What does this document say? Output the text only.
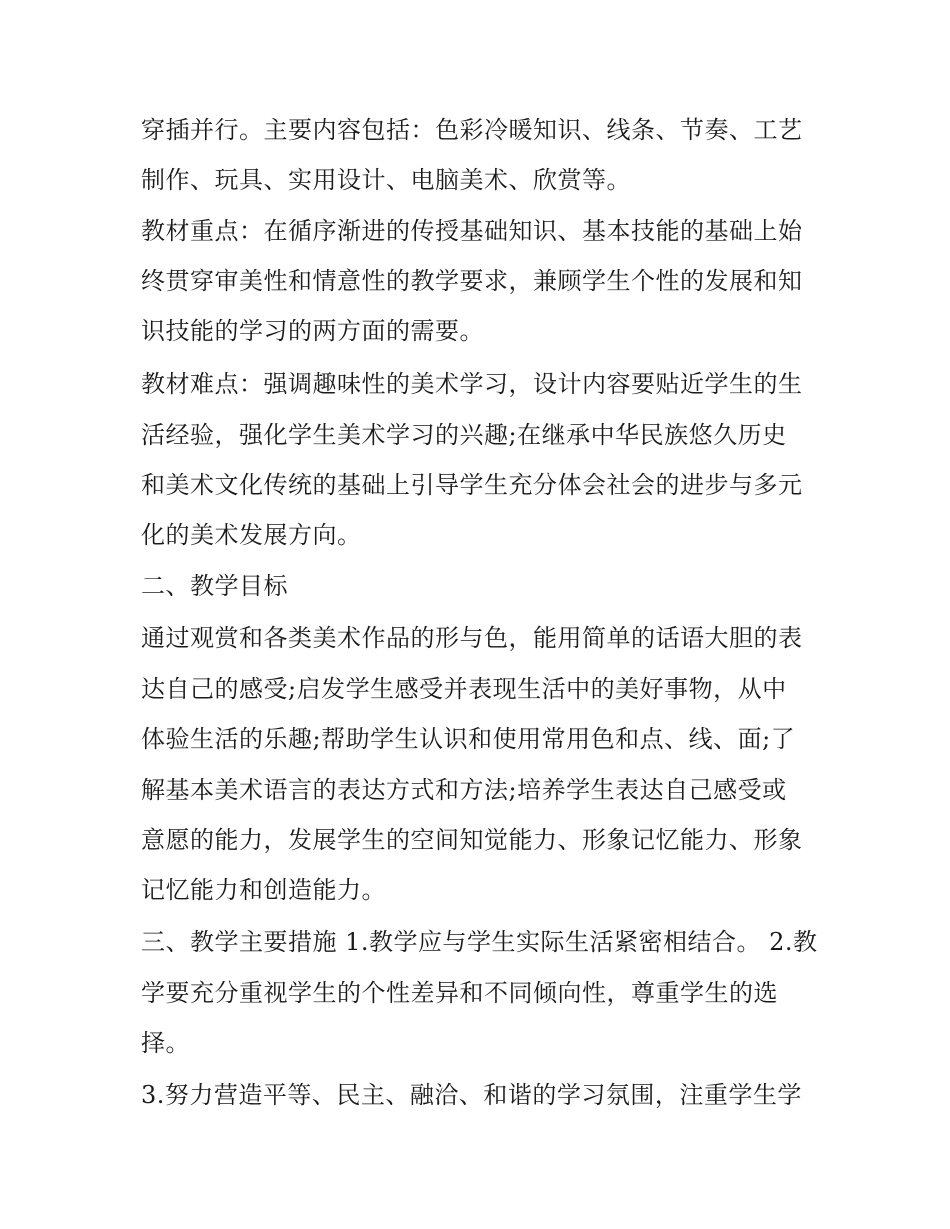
穿插并行。主要内容包括：色彩冷暖知识、线条、节奏、工艺
制作、玩具、实用设计、电脑美术、欣赏等。
教材重点：在循序渐进的传授基础知识、基本技能的基础上始
终贯穿审美性和情意性的教学要求，兼顾学生个性的发展和知
识技能的学习的两方面的需要。
教材难点：强调趣味性的美术学习，设计内容要贴近学生的生
活经验，强化学生美术学习的兴趣;在继承中华民族悠久历史
和美术文化传统的基础上引导学生充分体会社会的进步与多元
化的美术发展方向。
二、教学目标
通过观赏和各类美术作品的形与色，能用简单的话语大胆的表
达自己的感受;启发学生感受并表现生活中的美好事物，从中
体验生活的乐趣;帮助学生认识和使用常用色和点、线、面;了
解基本美术语言的表达方式和方法;培养学生表达自己感受或
意愿的能力，发展学生的空间知觉能力、形象记忆能力、形象
记忆能力和创造能力。
三、教学主要措施 1.教学应与学生实际生活紧密相结合。 2.教
学要充分重视学生的个性差异和不同倾向性，尊重学生的选
择。
3.努力营造平等、民主、融洽、和谐的学习氛围，注重学生学
